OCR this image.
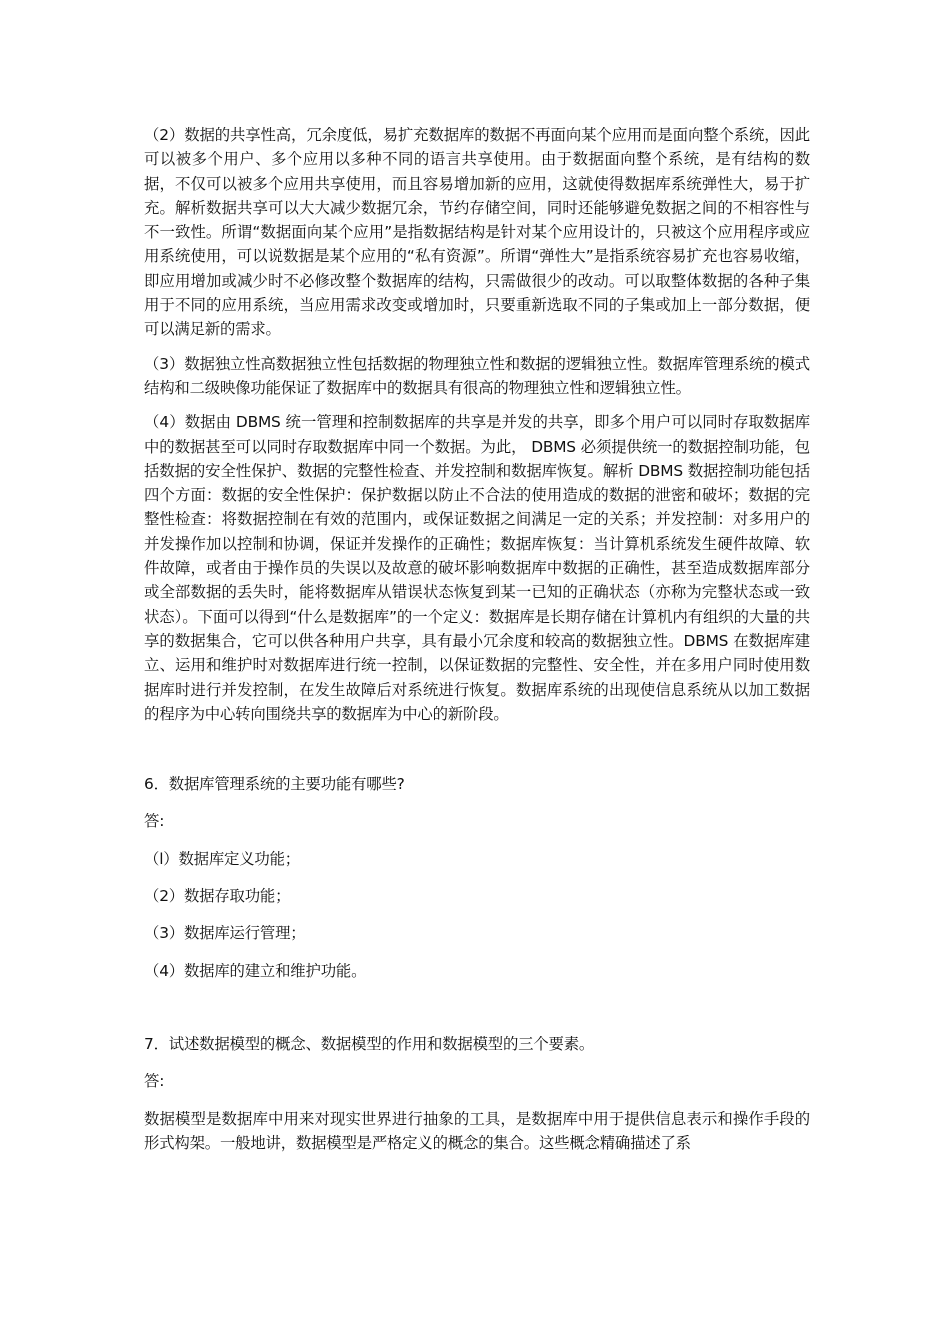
（2）数据的共享性高，冗余度低，易扩充数据库的数据不再面向某个应用而是面向整个系统，因此可以被多个用户、多个应用以多种不同的语言共享使用。由于数据面向整个系统，是有结构的数据，不仅可以被多个应用共享使用，而且容易增加新的应用，这就使得数据库系统弹性大，易于扩充。解析数据共享可以大大减少数据冗余，节约存储空间，同时还能够避免数据之间的不相容性与不一致性。所谓“数据面向某个应用”是指数据结构是针对某个应用设计的，只被这个应用程序或应用系统使用，可以说数据是某个应用的“私有资源”。所谓“弹性大”是指系统容易扩充也容易收缩，即应用增加或减少时不必修改整个数据库的结构，只需做很少的改动。可以取整体数据的各种子集用于不同的应用系统，当应用需求改变或增加时，只要重新选取不同的子集或加上一部分数据，便可以满足新的需求。

（3）数据独立性高数据独立性包括数据的物理独立性和数据的逻辑独立性。数据库管理系统的模式结构和二级映像功能保证了数据库中的数据具有很高的物理独立性和逻辑独立性。

（4）数据由 DBMS 统一管理和控制数据库的共享是并发的共享，即多个用户可以同时存取数据库中的数据甚至可以同时存取数据库中同一个数据。为此， DBMS 必须提供统一的数据控制功能，包括数据的安全性保护、数据的完整性检查、并发控制和数据库恢复。解析 DBMS 数据控制功能包括四个方面：数据的安全性保护：保护数据以防止不合法的使用造成的数据的泄密和破坏；数据的完整性检查：将数据控制在有效的范围内，或保证数据之间满足一定的关系；并发控制：对多用户的并发操作加以控制和协调，保证并发操作的正确性；数据库恢复：当计算机系统发生硬件故障、软件故障，或者由于操作员的失误以及故意的破坏影响数据库中数据的正确性，甚至造成数据库部分或全部数据的丢失时，能将数据库从错误状态恢复到某一已知的正确状态（亦称为完整状态或一致状态）。下面可以得到“什么是数据库”的一个定义：数据库是长期存储在计算机内有组织的大量的共享的数据集合，它可以供各种用户共享，具有最小冗余度和较高的数据独立性。DBMS 在数据库建立、运用和维护时对数据库进行统一控制，以保证数据的完整性、安全性，并在多用户同时使用数据库时进行并发控制，在发生故障后对系统进行恢复。数据库系统的出现使信息系统从以加工数据的程序为中心转向围绕共享的数据库为中心的新阶段。

6．数据库管理系统的主要功能有哪些?

答:

（l）数据库定义功能；

（2）数据存取功能；

（3）数据库运行管理；

（4）数据库的建立和维护功能。

7．试述数据模型的概念、数据模型的作用和数据模型的三个要素。

答:

数据模型是数据库中用来对现实世界进行抽象的工具，是数据库中用于提供信息表示和操作手段的形式构架。一般地讲，数据模型是严格定义的概念的集合。这些概念精确描述了系
